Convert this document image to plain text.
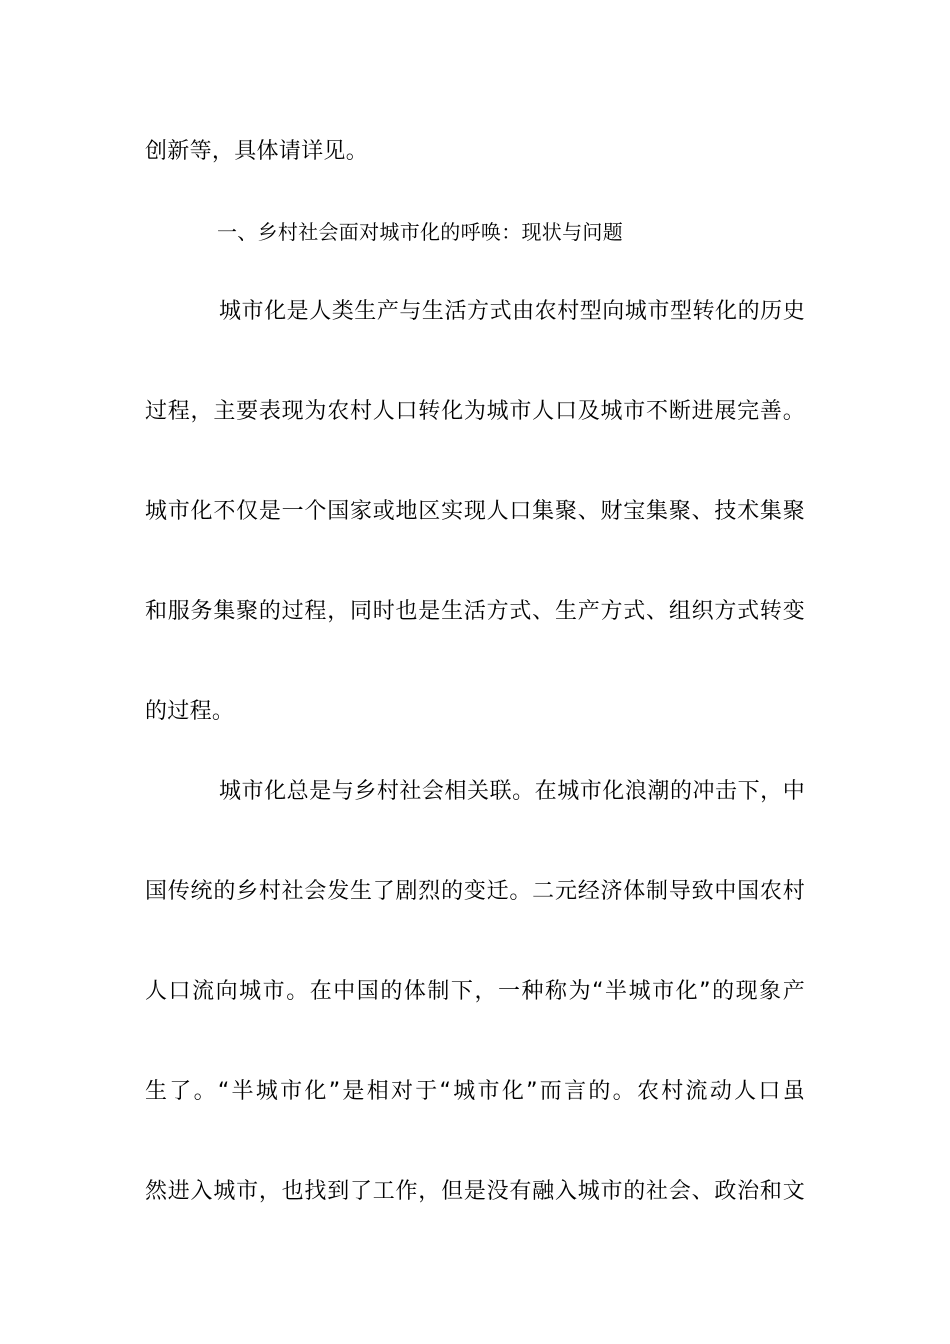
创新等，具体请详见。
一、乡村社会面对城市化的呼唤：现状与问题
城市化是人类生产与生活方式由农村型向城市型转化的历史
过程，主要表现为农村人口转化为城市人口及城市不断进展完善。
城市化不仅是一个国家或地区实现人口集聚、财宝集聚、技术集聚
和服务集聚的过程，同时也是生活方式、生产方式、组织方式转变
的过程。
城市化总是与乡村社会相关联。在城市化浪潮的冲击下，中
国传统的乡村社会发生了剧烈的变迁。二元经济体制导致中国农村
人口流向城市。在中国的体制下，一种称为“半城市化”的现象产
生了。“半城市化”是相对于“城市化”而言的。农村流动人口虽
然进入城市，也找到了工作，但是没有融入城市的社会、政治和文
